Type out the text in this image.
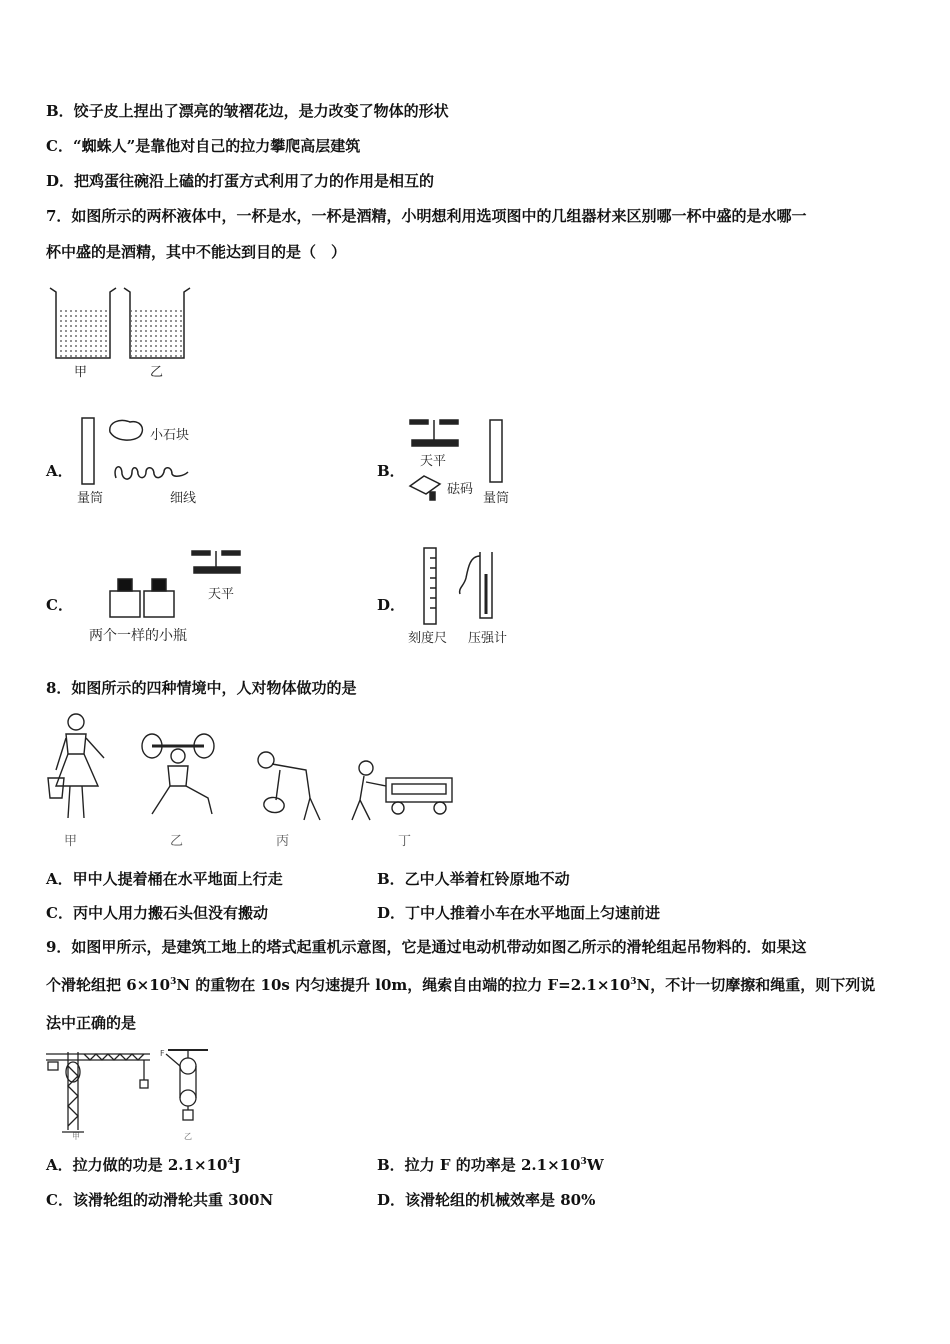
B．饺子皮上捏出了漂亮的皱褶花边，是力改变了物体的形状
C．“蜘蛛人”是靠他对自己的拉力攀爬高层建筑
D．把鸡蛋往碗沿上磕的打蛋方式利用了力的作用是相互的
7．如图所示的两杯液体中，一杯是水，一杯是酒精，小明想利用选项图中的几组器材来区别哪一杯中盛的是水哪一
杯中盛的是酒精，其中不能达到目的是（　）
甲	乙
A．
小石块
量筒	细线
B．
天平
砝码
量筒
C．
天平
两个一样的小瓶
D．
刻度尺 压强计
8．如图所示的四种情境中，人对物体做功的是
甲	乙	丙	丁
A．甲中人提着桶在水平地面上行走	B．乙中人举着杠铃原地不动
C．丙中人用力搬石头但没有搬动	D．丁中人推着小车在水平地面上匀速前进
9．如图甲所示，是建筑工地上的塔式起重机示意图，它是通过电动机带动如图乙所示的滑轮组起吊物料的．如果这
个滑轮组把 $6\times 10^3N$ 的重物在 10s 内匀速提升 l0m，绳索自由端的拉力 $F=2.1\times 10^3N$，不计一切摩擦和绳重，则下列说
法中正确的是
甲	乙
F
A．拉力做的功是 $2.1\times 10^4J$	B．拉力 F 的功率是 $2.1\times 10^3W$
C．该滑轮组的动滑轮共重 300N	D．该滑轮组的机械效率是 80%
